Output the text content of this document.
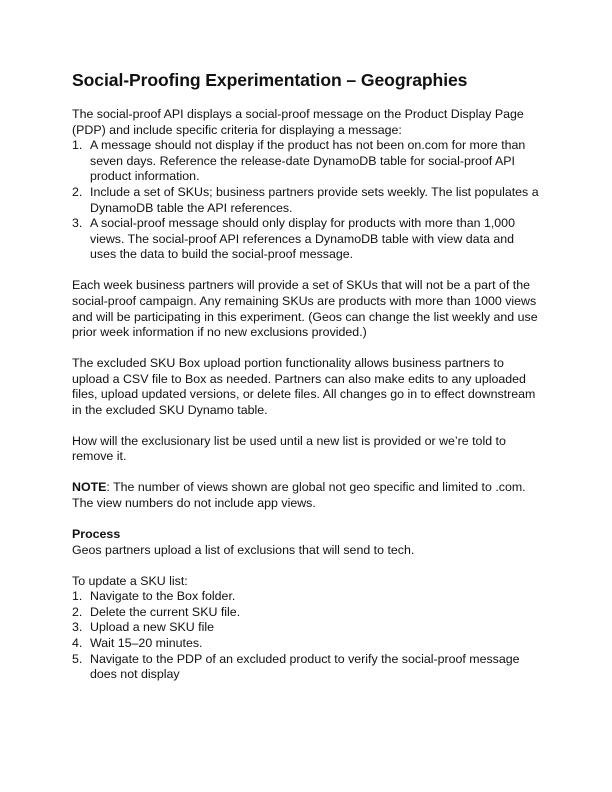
Social-Proofing Experimentation – Geographies

The social-proof API displays a social-proof message on the Product Display Page (PDP) and include specific criteria for displaying a message:

1. A message should not display if the product has not been on.com for more than seven days. Reference the release-date DynamoDB table for social-proof API product information.
2. Include a set of SKUs; business partners provide sets weekly. The list populates a DynamoDB table the API references.
3. A social-proof message should only display for products with more than 1,000 views. The social-proof API references a DynamoDB table with view data and uses the data to build the social-proof message.

Each week business partners will provide a set of SKUs that will not be a part of the social-proof campaign. Any remaining SKUs are products with more than 1000 views and will be participating in this experiment. (Geos can change the list weekly and use prior week information if no new exclusions provided.)

The excluded SKU Box upload portion functionality allows business partners to upload a CSV file to Box as needed. Partners can also make edits to any uploaded files, upload updated versions, or delete files. All changes go in to effect downstream in the excluded SKU Dynamo table.

How will the exclusionary list be used until a new list is provided or we’re told to remove it.

NOTE: The number of views shown are global not geo specific and limited to .com. The view numbers do not include app views.

Process

Geos partners upload a list of exclusions that will send to tech.

To update a SKU list:

1. Navigate to the Box folder.
2. Delete the current SKU file.
3. Upload a new SKU file
4. Wait 15–20 minutes.
5. Navigate to the PDP of an excluded product to verify the social-proof message does not display
